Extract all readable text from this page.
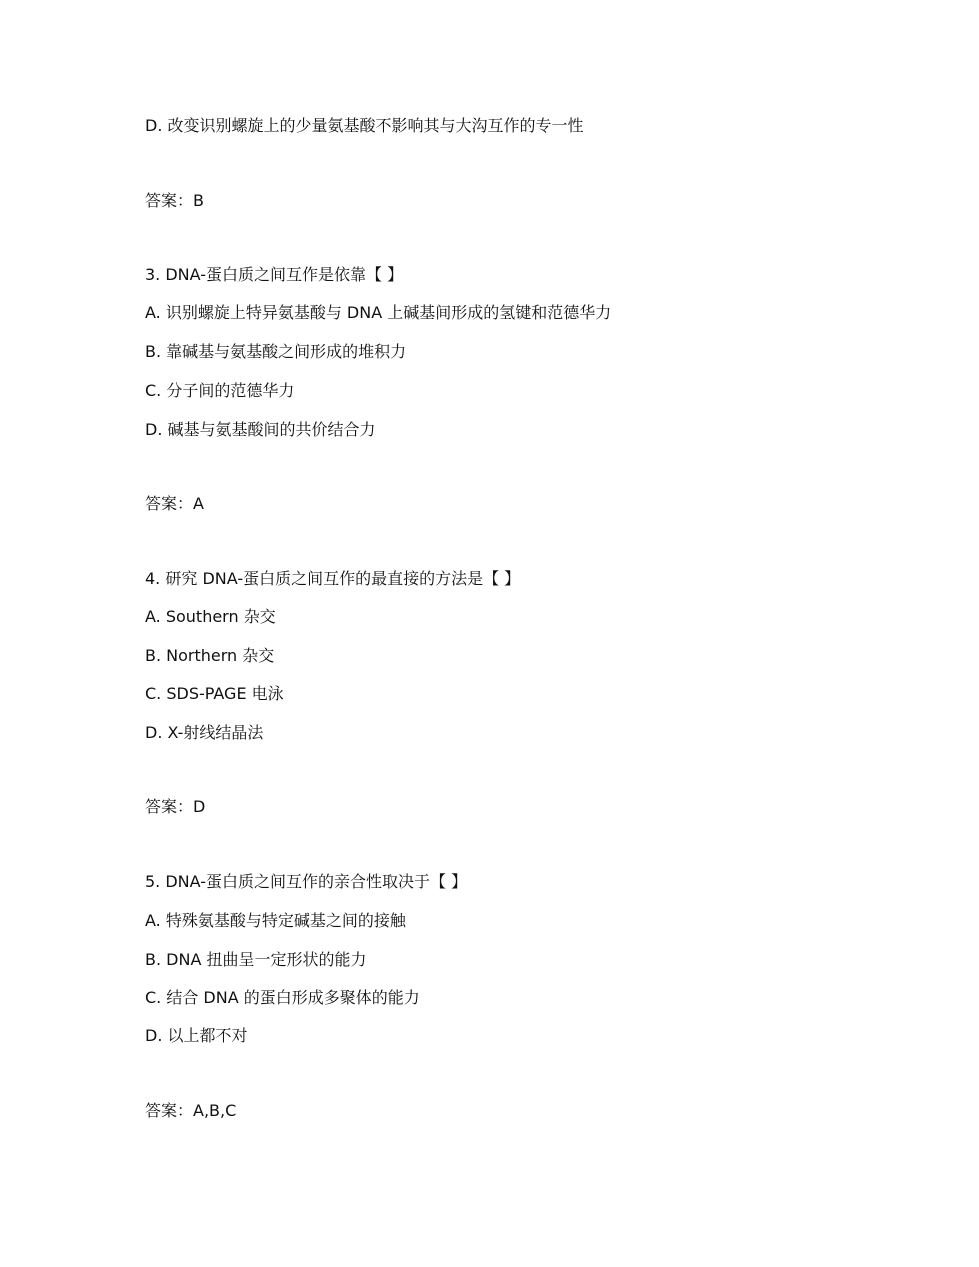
D. 改变识别螺旋上的少量氨基酸不影响其与大沟互作的专一性
答案：B
3. DNA-蛋白质之间互作是依靠【 】
A. 识别螺旋上特异氨基酸与 DNA 上碱基间形成的氢键和范德华力
B. 靠碱基与氨基酸之间形成的堆积力
C. 分子间的范德华力
D. 碱基与氨基酸间的共价结合力
答案：A
4. 研究 DNA-蛋白质之间互作的最直接的方法是【 】
A. Southern 杂交
B. Northern 杂交
C. SDS-PAGE 电泳
D. X-射线结晶法
答案：D
5. DNA-蛋白质之间互作的亲合性取决于【 】
A. 特殊氨基酸与特定碱基之间的接触
B. DNA 扭曲呈一定形状的能力
C. 结合 DNA 的蛋白形成多聚体的能力
D. 以上都不对
答案：A,B,C
